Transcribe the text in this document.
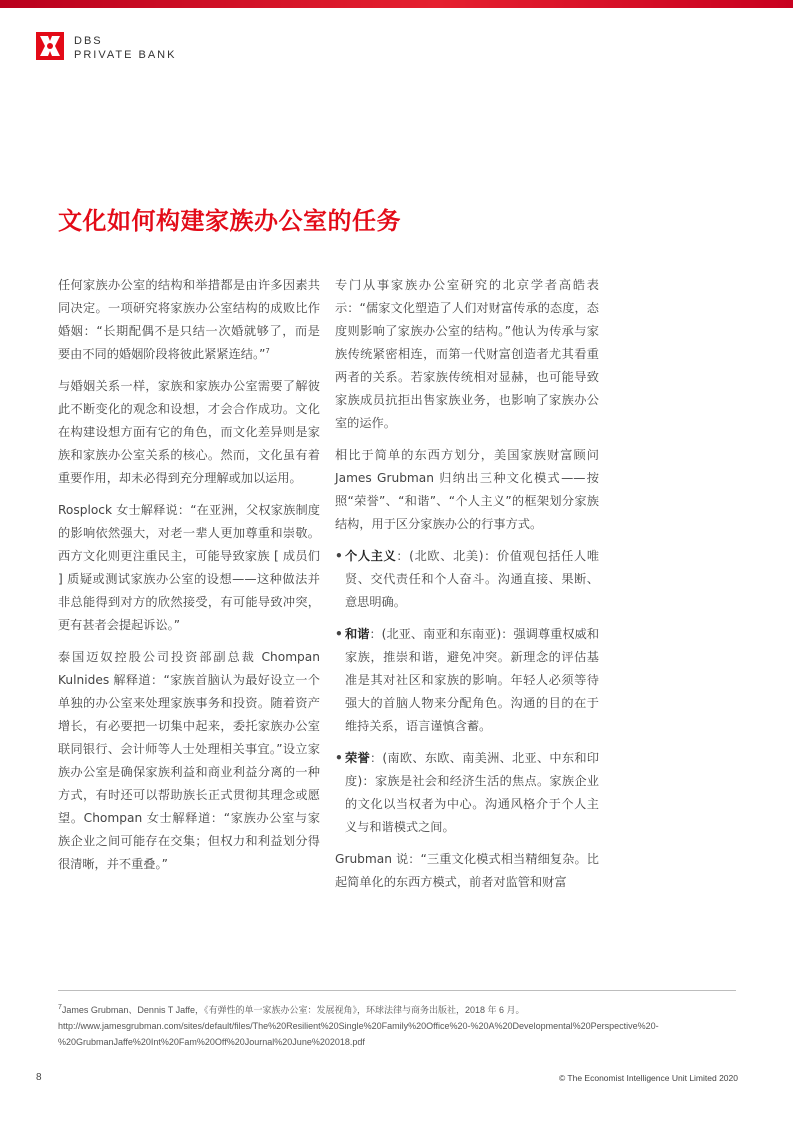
DBS
PRIVATE BANK
文化如何构建家族办公室的任务

任何家族办公室的结构和举措都是由许多因素共同决定。一项研究将家族办公室结构的成败比作婚姻：“长期配偶不是只结一次婚就够了，而是要由不同的婚姻阶段将彼此紧紧连结。”$^7$

与婚姻关系一样，家族和家族办公室需要了解彼此不断变化的观念和设想，才会合作成功。文化在构建设想方面有它的角色，而文化差异则是家族和家族办公室关系的核心。然而，文化虽有着重要作用，却未必得到充分理解或加以运用。

Rosplock 女士解释说：“在亚洲，父权家族制度的影响依然强大，对老一辈人更加尊重和崇敬。西方文化则更注重民主，可能导致家族 [ 成员们 ] 质疑或测试家族办公室的设想——这种做法并非总能得到对方的欣然接受，有可能导致冲突，更有甚者会提起诉讼。”

泰国迈奴控股公司投资部副总裁 Chompan Kulnides 解释道：“家族首脑认为最好设立一个单独的办公室来处理家族事务和投资。随着资产增长，有必要把一切集中起来，委托家族办公室联同银行、会计师等人士处理相关事宜。”设立家族办公室是确保家族利益和商业利益分离的一种方式，有时还可以帮助族长正式贯彻其理念或愿望。Chompan 女士解释道：“家族办公室与家族企业之间可能存在交集；但权力和利益划分得很清晰，并不重叠。”

专门从事家族办公室研究的北京学者高皓表示：“儒家文化塑造了人们对财富传承的态度，态度则影响了家族办公室的结构。”他认为传承与家族传统紧密相连，而第一代财富创造者尤其看重两者的关系。若家族传统相对显赫，也可能导致家族成员抗拒出售家族业务，也影响了家族办公室的运作。

相比于简单的东西方划分，美国家族财富顾问 James Grubman 归纳出三种文化模式——按照“荣誉”、“和谐”、“个人主义”的框架划分家族结构，用于区分家族办公的行事方式。

• 个人主义：(北欧、北美)：价值观包括任人唯贤、交代责任和个人奋斗。沟通直接、果断、意思明确。
• 和谐：(北亚、南亚和东南亚)：强调尊重权威和家族，推崇和谐，避免冲突。新理念的评估基准是其对社区和家族的影响。年轻人必须等待强大的首脑人物来分配角色。沟通的目的在于维持关系，语言谨慎含蓄。
• 荣誉：(南欧、东欧、南美洲、北亚、中东和印度)：家族是社会和经济生活的焦点。家族企业的文化以当权者为中心。沟通风格介于个人主义与和谐模式之间。

Grubman 说：“三重文化模式相当精细复杂。比起简单化的东西方模式，前者对监管和财富

$^7$James Grubman、Dennis T Jaffe，《有弹性的单一家族办公室：发展视角》，环球法律与商务出版社，2018 年 6 月。http://www.jamesgrubman.com/sites/default/files/The%20Resilient%20Single%20Family%20Office%20-%20A%20Developmental%20Perspective%20-%20GrubmanJaffe%20Int%20Fam%20Off%20Journal%20June%202018.pdf
8	© The Economist Intelligence Unit Limited 2020
